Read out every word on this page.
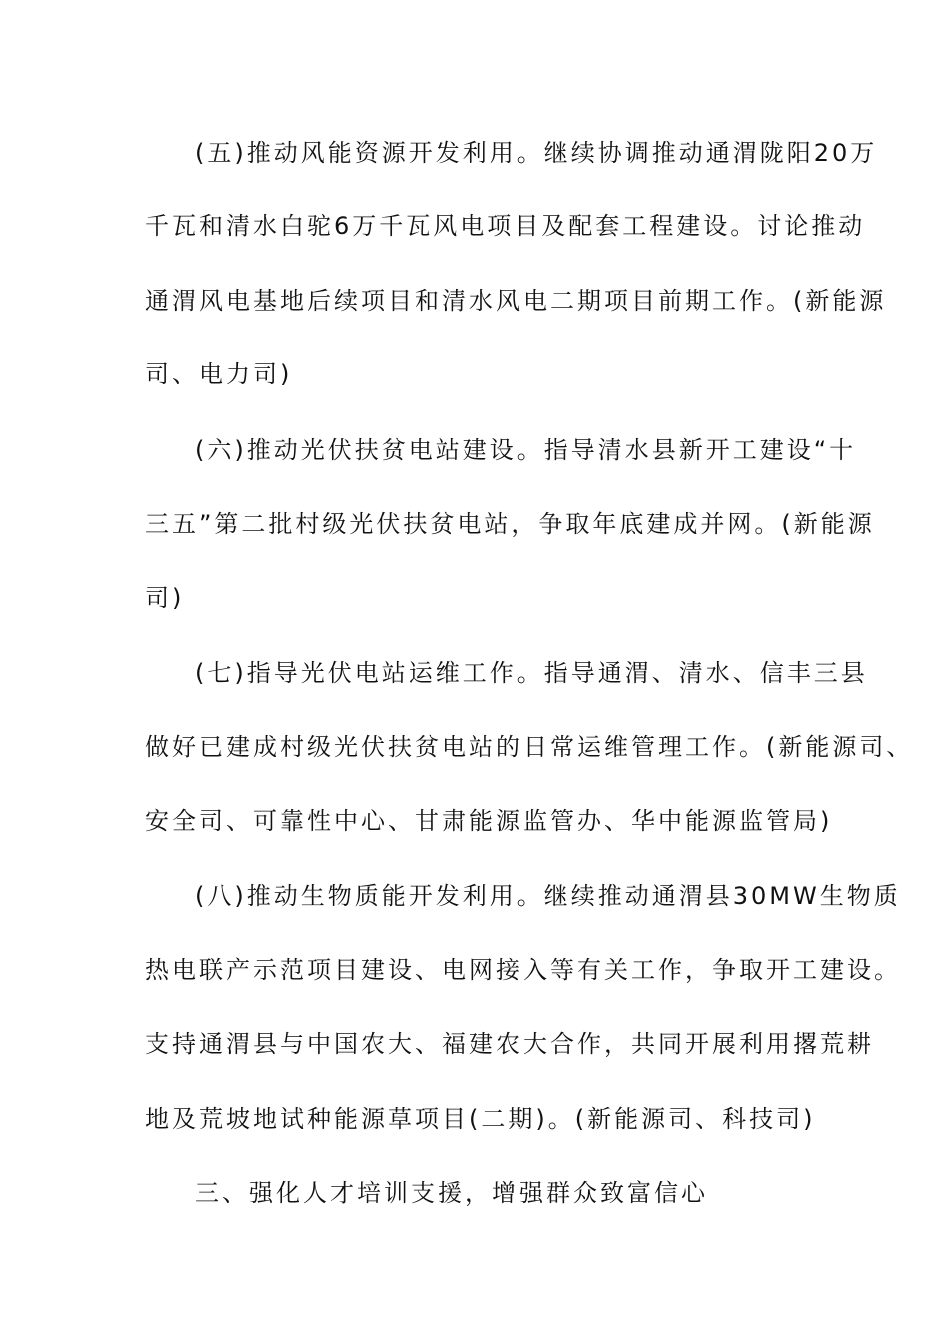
(五)推动风能资源开发利用。继续协调推动通渭陇阳20万
千瓦和清水白驼6万千瓦风电项目及配套工程建设。讨论推动
通渭风电基地后续项目和清水风电二期项目前期工作。(新能源
司、电力司)
(六)推动光伏扶贫电站建设。指导清水县新开工建设“十
三五”第二批村级光伏扶贫电站，争取年底建成并网。(新能源
司)
(七)指导光伏电站运维工作。指导通渭、清水、信丰三县
做好已建成村级光伏扶贫电站的日常运维管理工作。(新能源司、
安全司、可靠性中心、甘肃能源监管办、华中能源监管局)
(八)推动生物质能开发利用。继续推动通渭县30MW生物质
热电联产示范项目建设、电网接入等有关工作，争取开工建设。
支持通渭县与中国农大、福建农大合作，共同开展利用撂荒耕
地及荒坡地试种能源草项目(二期)。(新能源司、科技司)
三、强化人才培训支援，增强群众致富信心
